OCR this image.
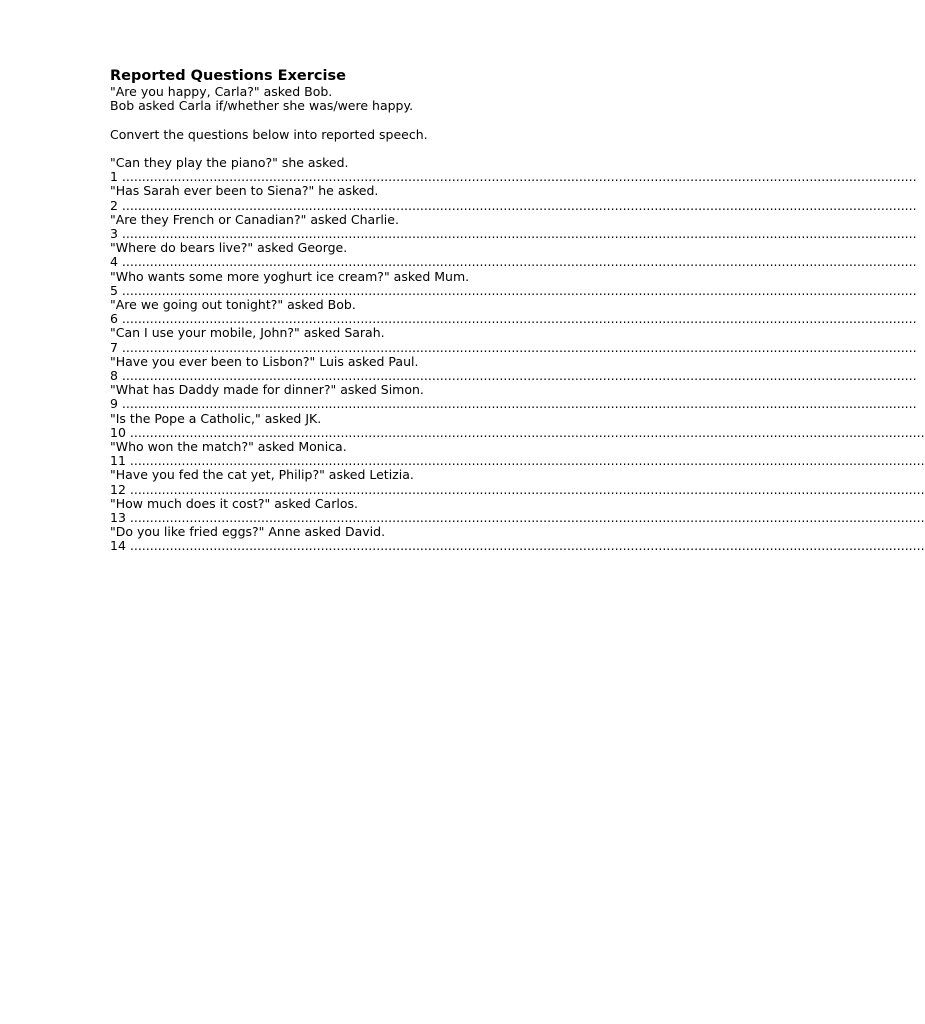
Reported Questions Exercise
"Are you happy, Carla?" asked Bob.
Bob asked Carla if/whether she was/were happy.
Convert the questions below into reported speech.
"Can they play the piano?" she asked.
1 ........................................................................................................................................................................................................
"Has Sarah ever been to Siena?" he asked.
2 ........................................................................................................................................................................................................
"Are they French or Canadian?" asked Charlie.
3 ........................................................................................................................................................................................................
"Where do bears live?" asked George.
4 ........................................................................................................................................................................................................
"Who wants some more yoghurt ice cream?" asked Mum.
5 ........................................................................................................................................................................................................
"Are we going out tonight?" asked Bob.
6 ........................................................................................................................................................................................................
"Can I use your mobile, John?" asked Sarah.
7 ........................................................................................................................................................................................................
"Have you ever been to Lisbon?" Luis asked Paul.
8 ........................................................................................................................................................................................................
"What has Daddy made for dinner?" asked Simon.
9 ........................................................................................................................................................................................................
"Is the Pope a Catholic," asked JK.
10 ........................................................................................................................................................................................................
"Who won the match?" asked Monica.
11 ........................................................................................................................................................................................................
"Have you fed the cat yet, Philip?" asked Letizia.
12 ........................................................................................................................................................................................................
"How much does it cost?" asked Carlos.
13 ........................................................................................................................................................................................................
"Do you like fried eggs?" Anne asked David.
14 ........................................................................................................................................................................................................
